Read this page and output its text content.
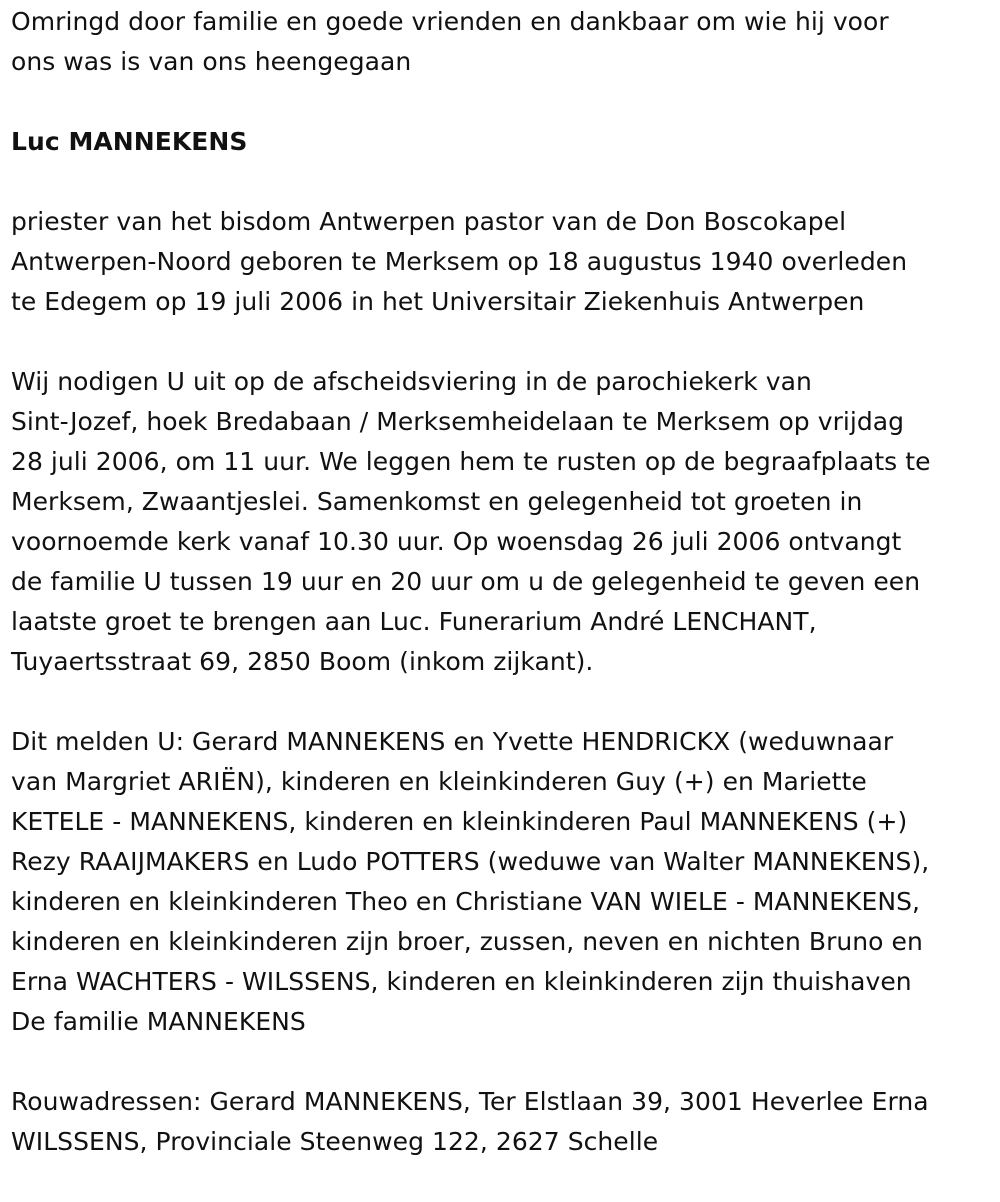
Omringd door familie en goede vrienden en dankbaar om wie hij voor
ons was is van ons heengegaan

Luc MANNEKENS

priester van het bisdom Antwerpen pastor van de Don Boscokapel
Antwerpen-Noord geboren te Merksem op 18 augustus 1940 overleden
te Edegem op 19 juli 2006 in het Universitair Ziekenhuis Antwerpen

Wij nodigen U uit op de afscheidsviering in de parochiekerk van
Sint-Jozef, hoek Bredabaan / Merksemheidelaan te Merksem op vrijdag
28 juli 2006, om 11 uur. We leggen hem te rusten op de begraafplaats te
Merksem, Zwaantjeslei. Samenkomst en gelegenheid tot groeten in
voornoemde kerk vanaf 10.30 uur. Op woensdag 26 juli 2006 ontvangt
de familie U tussen 19 uur en 20 uur om u de gelegenheid te geven een
laatste groet te brengen aan Luc. Funerarium André LENCHANT,
Tuyaertsstraat 69, 2850 Boom (inkom zijkant).

Dit melden U: Gerard MANNEKENS en Yvette HENDRICKX (weduwnaar
van Margriet ARIËN), kinderen en kleinkinderen Guy (+) en Mariette
KETELE - MANNEKENS, kinderen en kleinkinderen Paul MANNEKENS (+)
Rezy RAAIJMAKERS en Ludo POTTERS (weduwe van Walter MANNEKENS),
kinderen en kleinkinderen Theo en Christiane VAN WIELE - MANNEKENS,
kinderen en kleinkinderen zijn broer, zussen, neven en nichten Bruno en
Erna WACHTERS - WILSSENS, kinderen en kleinkinderen zijn thuishaven
De familie MANNEKENS

Rouwadressen: Gerard MANNEKENS, Ter Elstlaan 39, 3001 Heverlee Erna
WILSSENS, Provinciale Steenweg 122, 2627 Schelle
